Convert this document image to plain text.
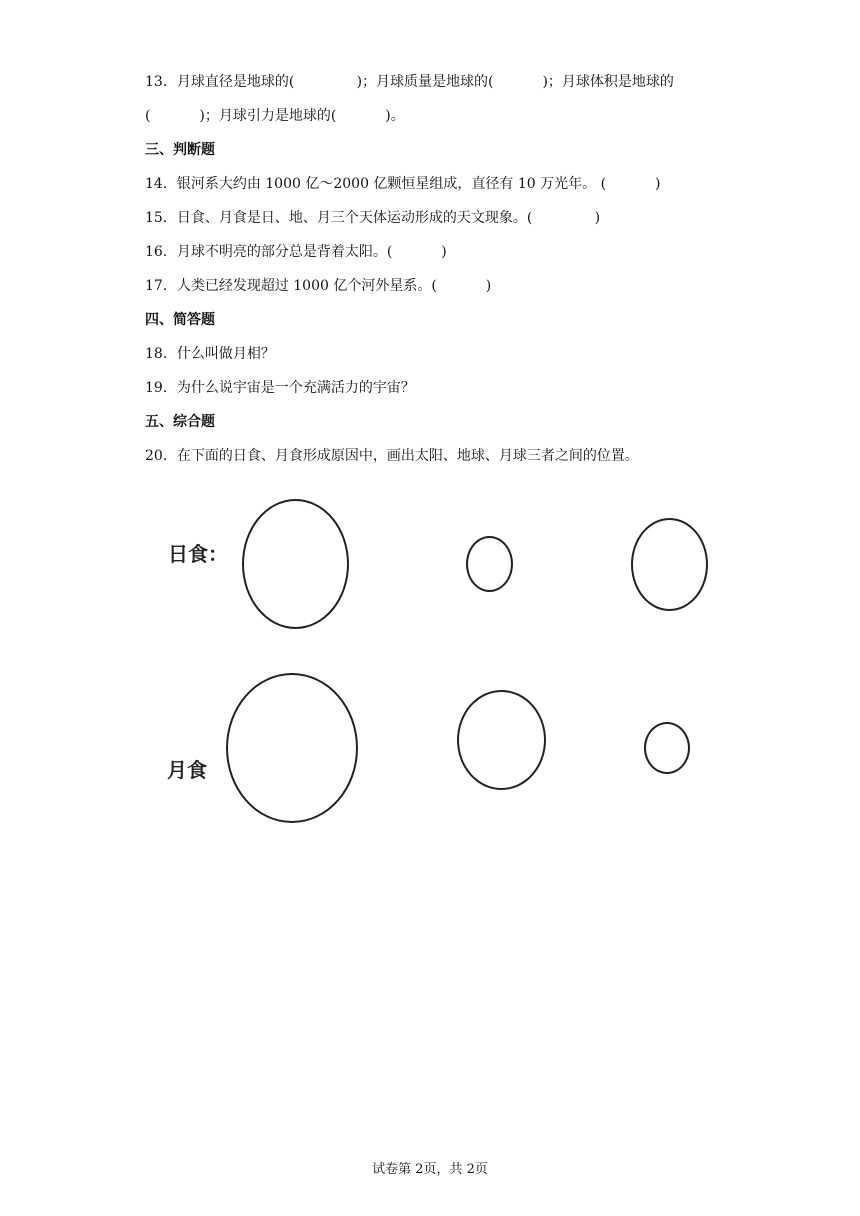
13．月球直径是地球的(              )；月球质量是地球的(           )；月球体积是地球的
(           )；月球引力是地球的(           )。
三、判断题
14．银河系大约由 1000 亿～2000 亿颗恒星组成，直径有 10 万光年。 (           )
15．日食、月食是日、地、月三个天体运动形成的天文现象。(              )
16．月球不明亮的部分总是背着太阳。(           )
17．人类已经发现超过 1000 亿个河外星系。(           )
四、简答题
18．什么叫做月相？
19．为什么说宇宙是一个充满活力的宇宙？
五、综合题
20．在下面的日食、月食形成原因中，画出太阳、地球、月球三者之间的位置。
日食：
月食
试卷第 2页，共 2页
